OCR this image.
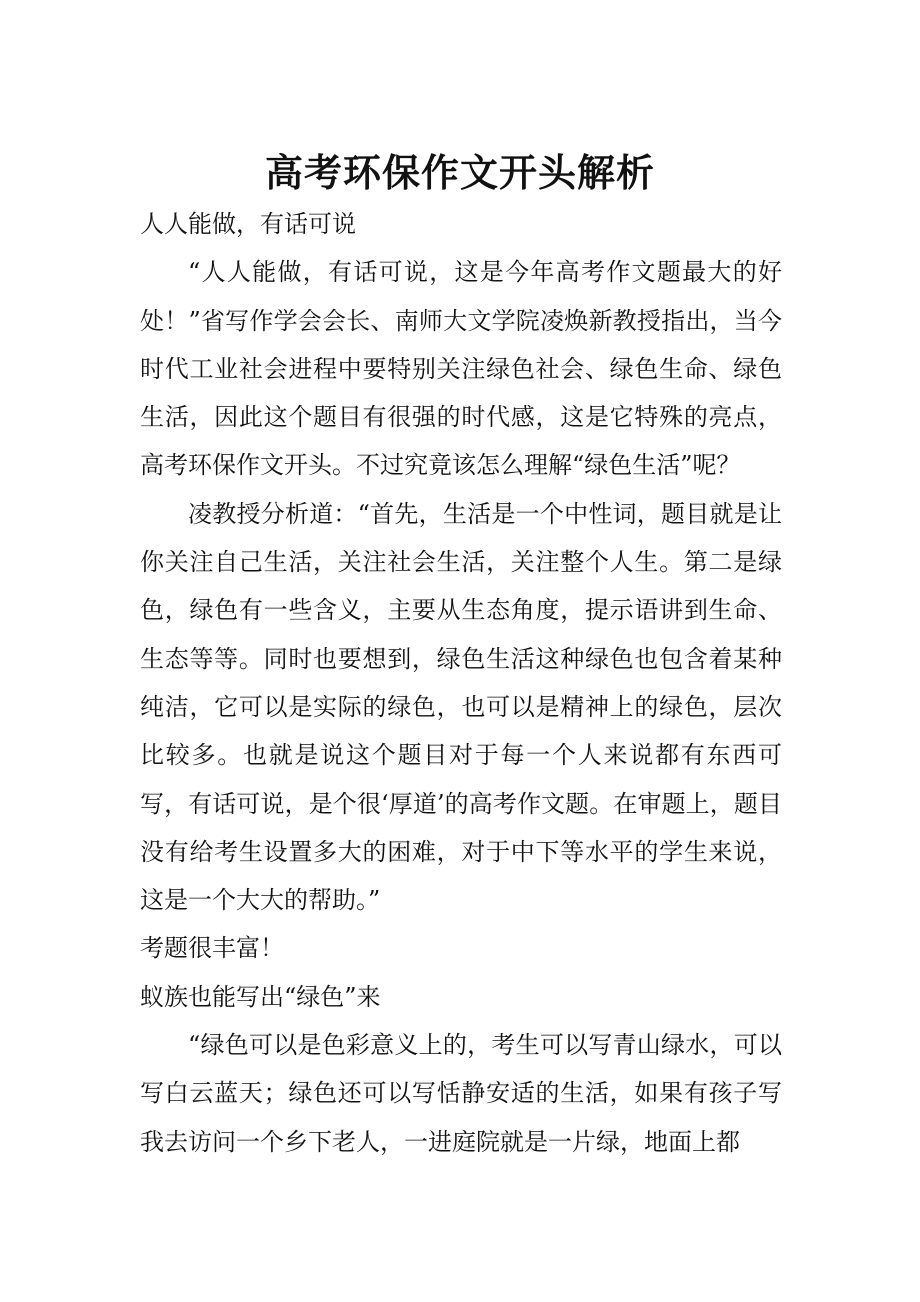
高考环保作文开头解析

人人能做，有话可说

“人人能做，有话可说，这是今年高考作文题最大的好处！”省写作学会会长、南师大文学院凌焕新教授指出，当今时代工业社会进程中要特别关注绿色社会、绿色生命、绿色生活，因此这个题目有很强的时代感，这是它特殊的亮点，高考环保作文开头。不过究竟该怎么理解“绿色生活”呢？

凌教授分析道：“首先，生活是一个中性词，题目就是让你关注自己生活，关注社会生活，关注整个人生。第二是绿色，绿色有一些含义，主要从生态角度，提示语讲到生命、生态等等。同时也要想到，绿色生活这种绿色也包含着某种纯洁，它可以是实际的绿色，也可以是精神上的绿色，层次比较多。也就是说这个题目对于每一个人来说都有东西可写，有话可说，是个很‘厚道’的高考作文题。在审题上，题目没有给考生设置多大的困难，对于中下等水平的学生来说，这是一个大大的帮助。”

考题很丰富！

蚁族也能写出“绿色”来

“绿色可以是色彩意义上的，考生可以写青山绿水，可以写白云蓝天；绿色还可以写恬静安适的生活，如果有孩子写我去访问一个乡下老人，一进庭院就是一片绿，地面上都
